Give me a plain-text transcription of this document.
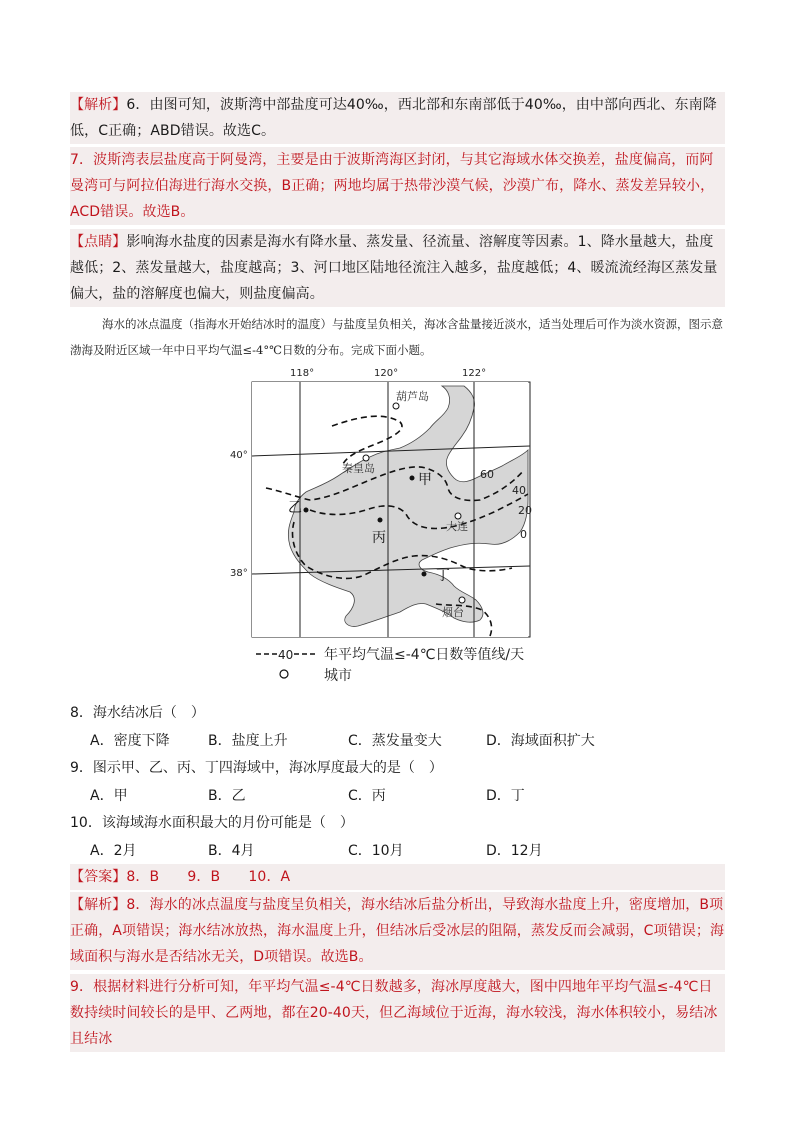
【解析】6．由图可知，波斯湾中部盐度可达40‰，西北部和东南部低于40‰，由中部向西北、东南降低，C正确；ABD错误。故选C。
7．波斯湾表层盐度高于阿曼湾，主要是由于波斯湾海区封闭，与其它海域水体交换差，盐度偏高，而阿曼湾可与阿拉伯海进行海水交换，B正确；两地均属于热带沙漠气候，沙漠广布，降水、蒸发差异较小，ACD错误。故选B。
【点睛】影响海水盐度的因素是海水有降水量、蒸发量、径流量、溶解度等因素。1、降水量越大，盐度越低；2、蒸发量越大，盐度越高；3、河口地区陆地径流注入越多，盐度越低；4、暖流流经海区蒸发量偏大，盐的溶解度也偏大，则盐度偏高。
海水的冰点温度（指海水开始结冰时的温度）与盐度呈负相关，海冰含盐量接近淡水，适当处理后可作为淡水资源，图示意渤海及附近区域一年中日平均气温≤-4°℃日数的分布。完成下面小题。
118°	120°	122°
40°
38°
60
40
20
0
葫芦岛
秦皇岛
大连
烟台
甲
乙
丙
丁
40 年平均气温≤-4℃日数等值线/天
城市
8．海水结冰后（　）
A．密度下降	B．盐度上升	C．蒸发量变大	D．海域面积扩大
9．图示甲、乙、丙、丁四海域中，海冰厚度最大的是（　）
A．甲	B．乙	C．丙	D．丁
10．该海域海水面积最大的月份可能是（　）
A．2月	B．4月	C．10月	D．12月
【答案】8．B　　9．B　　10．A
【解析】8．海水的冰点温度与盐度呈负相关，海水结冰后盐分析出，导致海水盐度上升，密度增加，B项正确，A项错误；海水结冰放热，海水温度上升，但结冰后受冰层的阻隔，蒸发反而会减弱，C项错误；海域面积与海水是否结冰无关，D项错误。故选B。
9．根据材料进行分析可知，年平均气温≤-4℃日数越多，海冰厚度越大，图中四地年平均气温≤-4℃日数持续时间较长的是甲、乙两地，都在20-40天，但乙海域位于近海，海水较浅，海水体积较小，易结冰且结冰
